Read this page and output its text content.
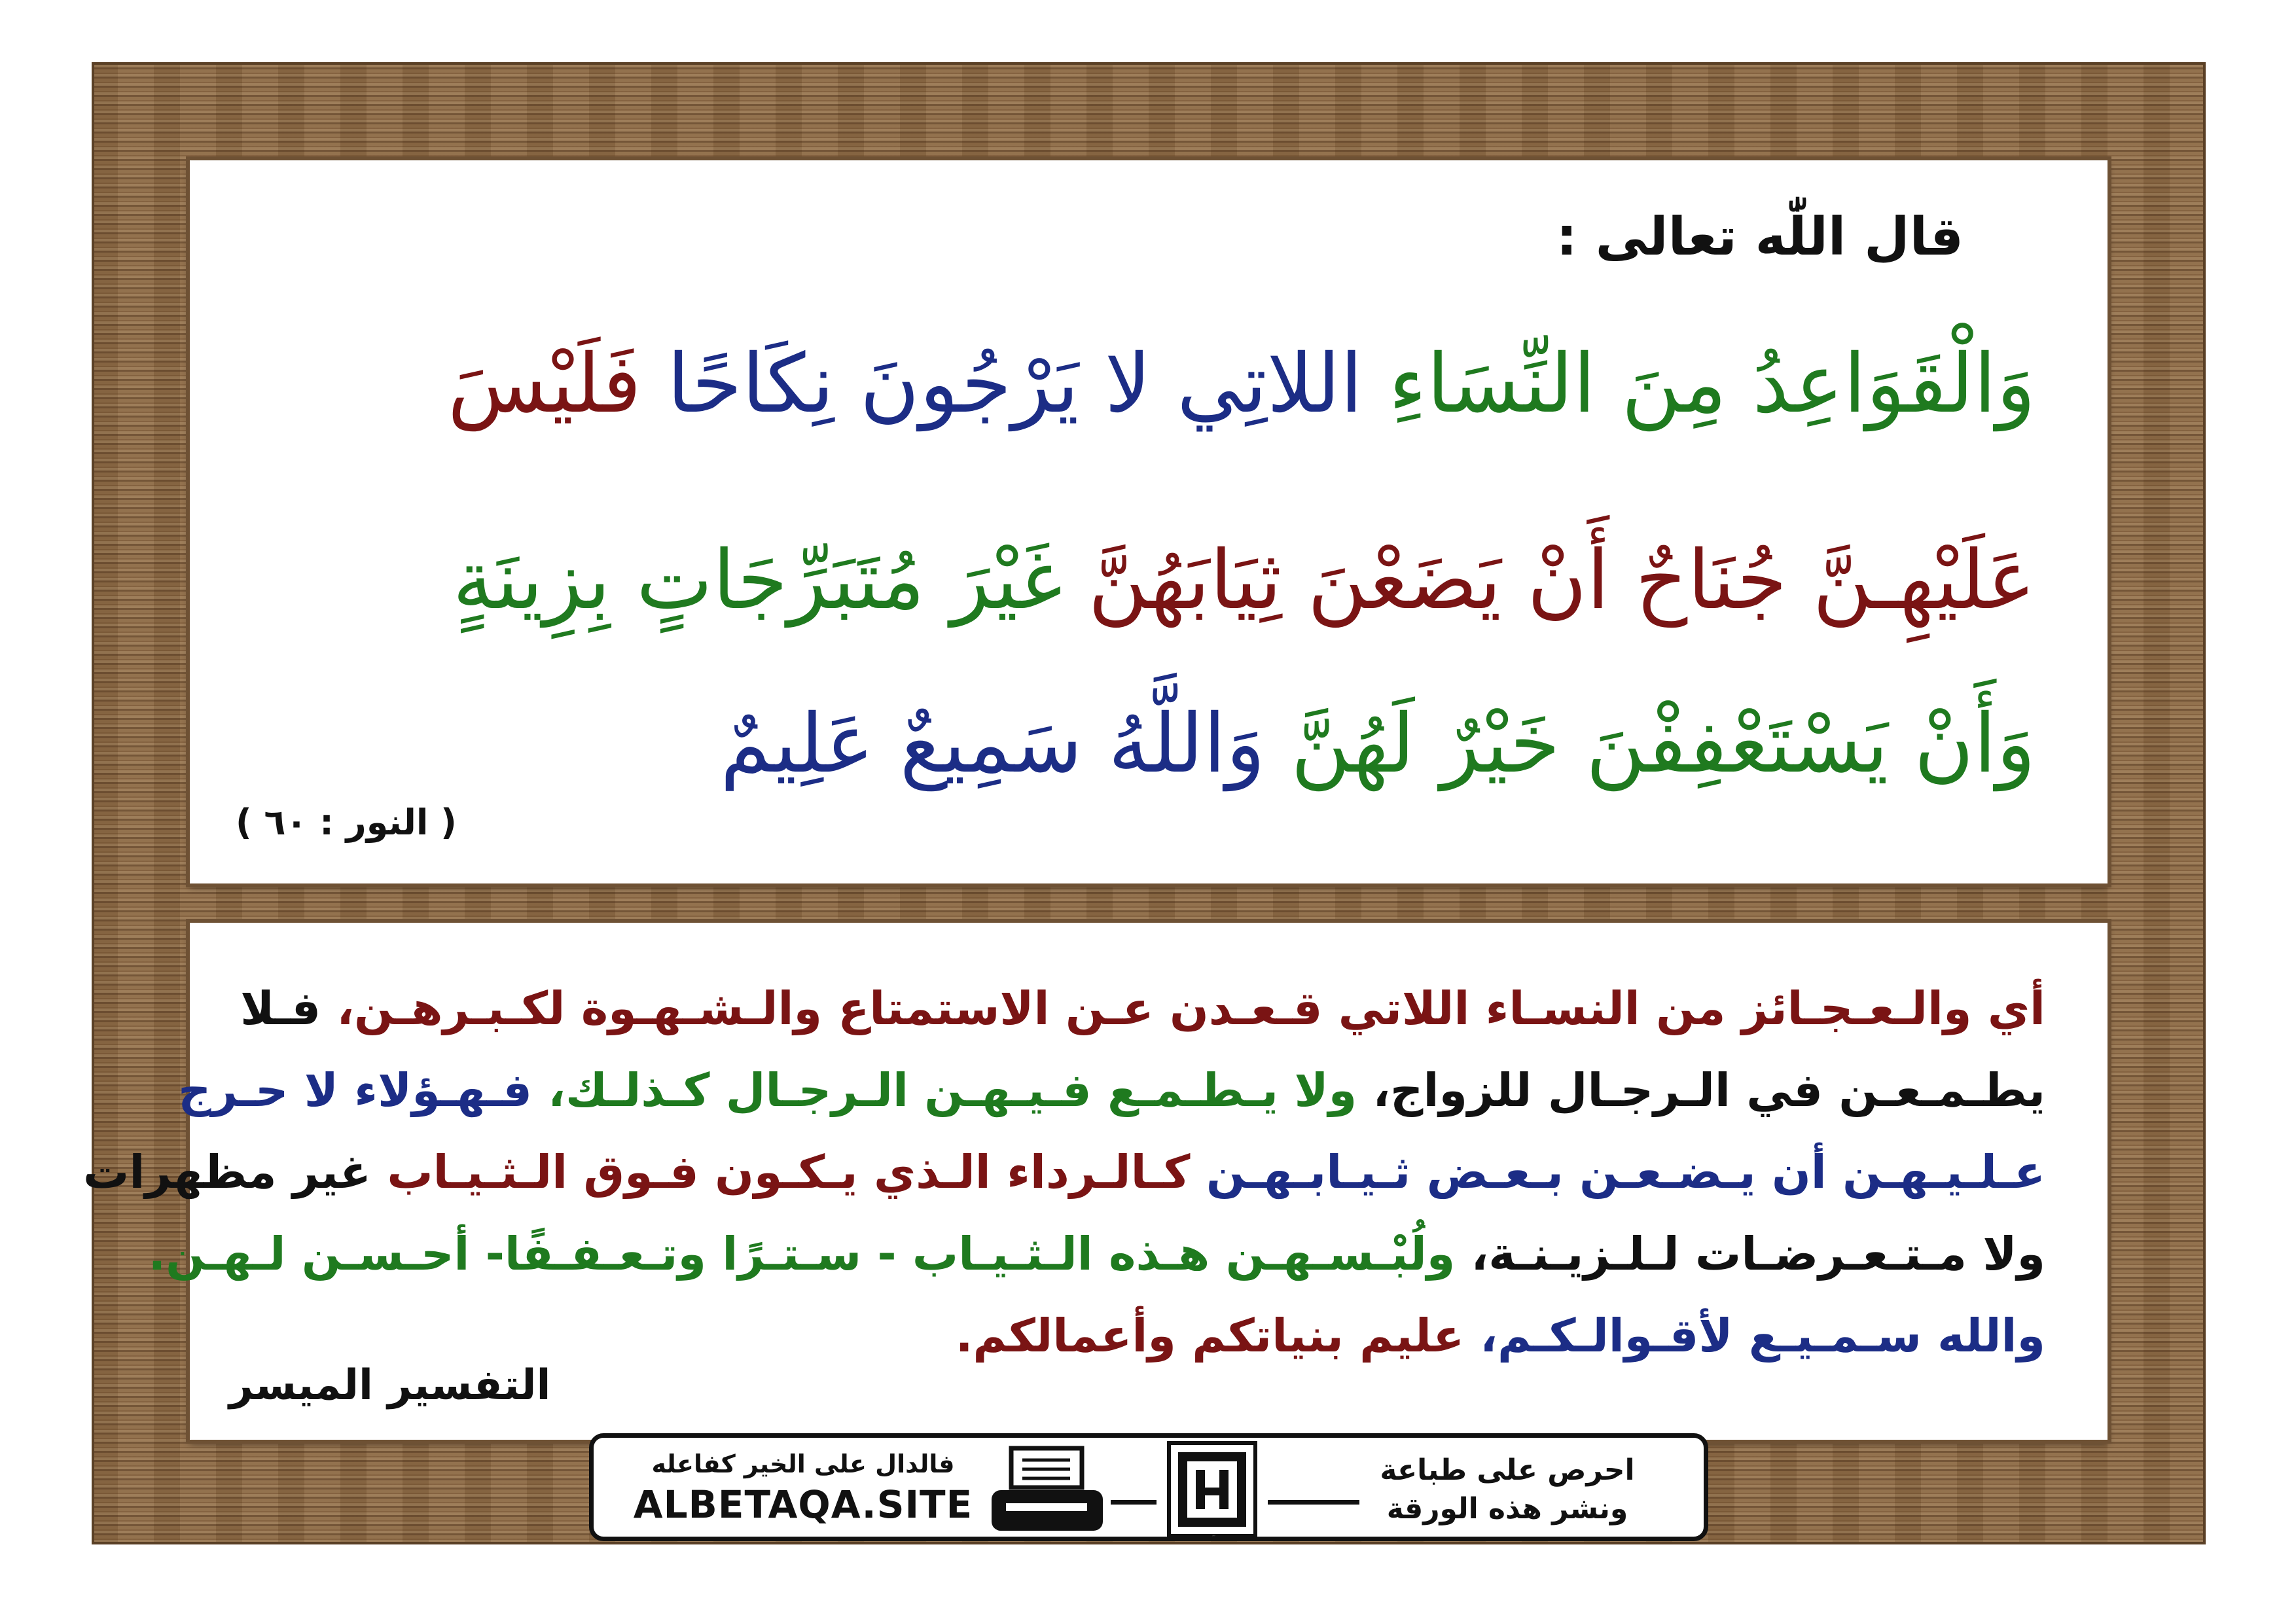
قال اللّٰه تعالى :
وَالْقَوَاعِدُ مِنَ النِّسَاءِ اللاتِي لا يَرْجُونَ نِكَاحًا فَلَيْسَ
عَلَيْهِـنَّ جُنَاحٌ أَنْ يَضَعْنَ ثِيَابَهُنَّ غَيْرَ مُتَبَرِّجَاتٍ بِزِينَةٍ
وَأَنْ يَسْتَعْفِفْنَ خَيْرٌ لَهُنَّ وَاللَّهُ سَمِيعٌ عَلِيمٌ
( النور : ٦٠ )
أي والـعـجـائز من النسـاء اللاتي قـعـدن عـن الاستمتاع والـشـهـوة لكـبـرهـن، فـلا
يطـمـعـن في الـرجـال للزواج، ولا يـطـمـع فـيـهـن الـرجـال كـذلـك، فـهـؤلاء لا حـرج
عـلـيـهـن أن يـضـعـن بـعـض ثـيـابـهـن كـالـرداء الـذي يـكـون فـوق الـثـيـاب غير مظهرات
ولا مـتـعـرضـات لـلـزيـنـة، ولُبْـسـهـن هـذه الـثـيـاب - سـتـرًا وتـعـفـفًا- أحـسـن لـهـن.
والله سـمـيـع لأقـوالـكـم، عليم بنياتكم وأعمالكم.
التفسير الميسر
فالدال على الخير كفاعله
ALBETAQA.SITE
دعوة الورقة
احرص على طباعة
ونشر هذه الورقة
